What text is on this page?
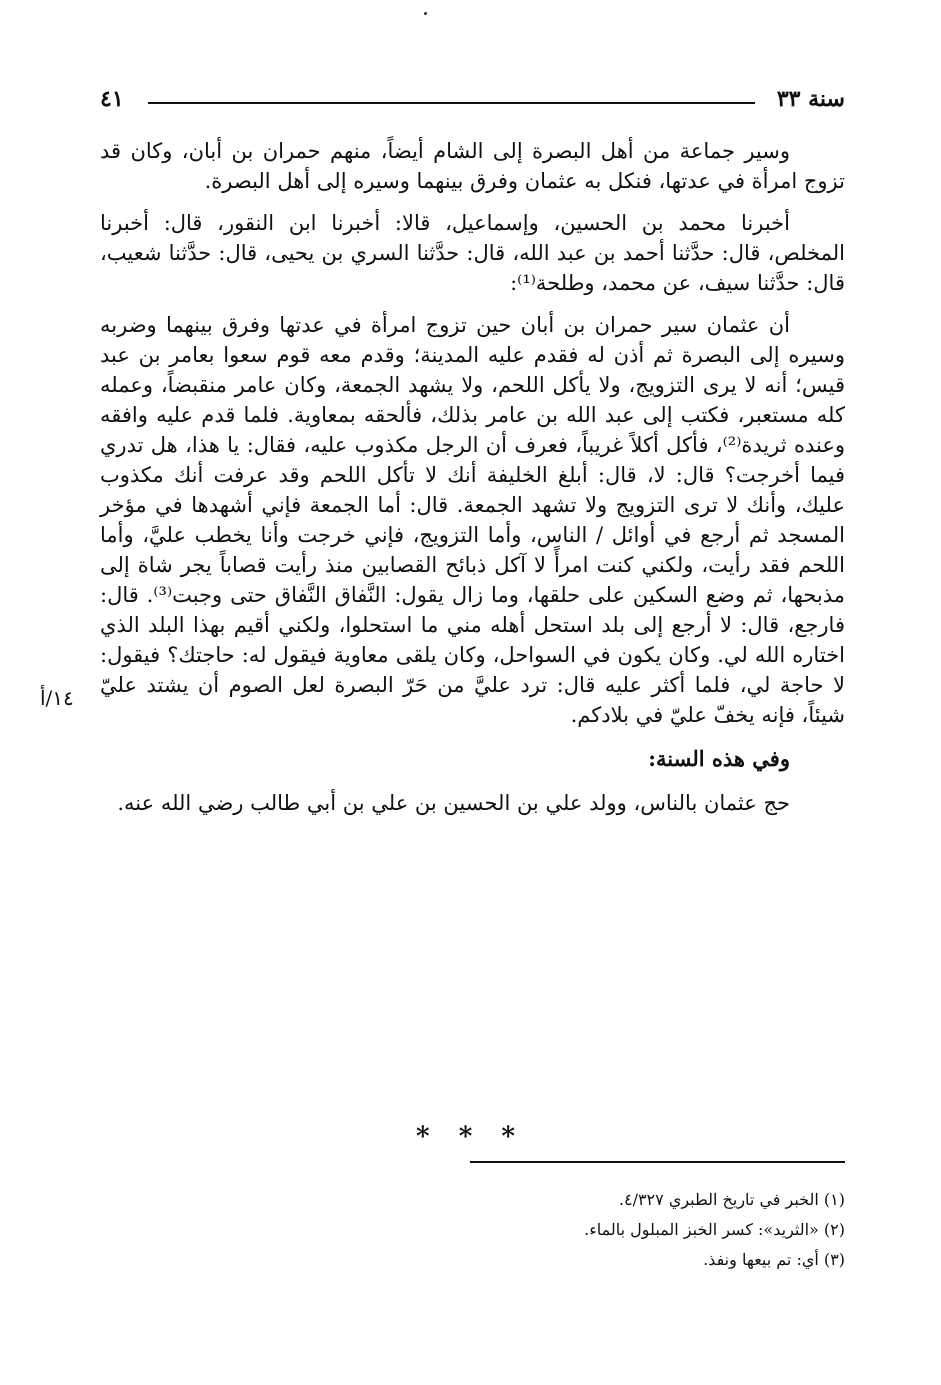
سنة ٣٣
٤١
١٤/أ

وسير جماعة من أهل البصرة إلى الشام أيضاً، منهم حمران بن أبان، وكان قد تزوج امرأة في عدتها، فنكل به عثمان وفرق بينهما وسيره إلى أهل البصرة.

أخبرنا محمد بن الحسين، وإسماعيل، قالا: أخبرنا ابن النقور، قال: أخبرنا المخلص، قال: حدَّثنا أحمد بن عبد الله، قال: حدَّثنا السري بن يحيى، قال: حدَّثنا شعيب، قال: حدَّثنا سيف، عن محمد، وطلحة⁽¹⁾:

أن عثمان سير حمران بن أبان حين تزوج امرأة في عدتها وفرق بينهما وضربه وسيره إلى البصرة ثم أذن له فقدم عليه المدينة؛ وقدم معه قوم سعوا بعامر بن عبد قيس؛ أنه لا يرى التزويج، ولا يأكل اللحم، ولا يشهد الجمعة، وكان عامر منقبضاً، وعمله كله مستعبر، فكتب إلى عبد الله بن عامر بذلك، فألحقه بمعاوية. فلما قدم عليه وافقه وعنده ثريدة⁽²⁾، فأكل أكلاً غريباً، فعرف أن الرجل مكذوب عليه، فقال: يا هذا، هل تدري فيما أخرجت؟ قال: لا، قال: أبلغ الخليفة أنك لا تأكل اللحم وقد عرفت أنك مكذوب عليك، وأنك لا ترى التزويج ولا تشهد الجمعة. قال: أما الجمعة فإني أشهدها في مؤخر المسجد ثم أرجع في أوائل / الناس، وأما التزويج، فإني خرجت وأنا يخطب عليَّ، وأما اللحم فقد رأيت، ولكني كنت امرأً لا آكل ذبائح القصابين منذ رأيت قصاباً يجر شاة إلى مذبحها، ثم وضع السكين على حلقها، وما زال يقول: النَّفاق النَّفاق حتى وجبت⁽³⁾. قال: فارجع، قال: لا أرجع إلى بلد استحل أهله مني ما استحلوا، ولكني أقيم بهذا البلد الذي اختاره الله لي. وكان يكون في السواحل، وكان يلقى معاوية فيقول له: حاجتك؟ فيقول: لا حاجة لي، فلما أكثر عليه قال: ترد عليَّ من حَرّ البصرة لعل الصوم أن يشتد عليّ شيئاً، فإنه يخفّ عليّ في بلادكم.

وفي هذه السنة:

حج عثمان بالناس، وولد علي بن الحسين بن علي بن أبي طالب رضي الله عنه.

* * *
(١) الخبر في تاريخ الطبري ٤/٣٢٧.
(٢) «الثريد»: كسر الخبز المبلول بالماء.
(٣) أي: تم بيعها ونفذ.
